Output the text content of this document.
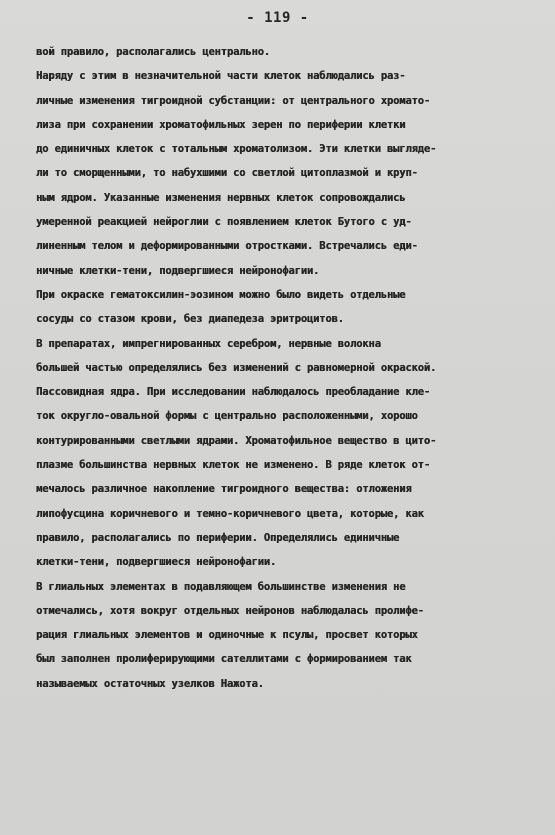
- 119 -
вой правило, располагались центрально.
Наряду с этим в незначительной части клеток наблюдались раз-
личные изменения тигроидной субстанции: от центрального хромато-
лиза при сохранении хроматофильных зерен по периферии клетки
до единичных клеток с тотальным хроматолизом. Эти клетки выгляде-
ли то сморщенными, то набухшими со светлой цитоплазмой и круп-
ным ядром. Указанные изменения нервных клеток сопровождались
умеренной реакцией нейроглии с появлением клеток Бутого с уд-
линенным телом и деформированными отростками. Встречались еди-
ничные клетки-тени, подвергшиеся нейронофагии.
При окраске гематоксилин-эозином можно было видеть отдельные
сосуды со стазом крови, без диапедеза эритроцитов.
В препаратах, импрегнированных серебром, нервные волокна
большей частью определялись без изменений с равномерной окраской.
Пассовидная ядра. При исследовании наблюдалось преобладание кле-
ток округло-овальной формы с центрально расположенными, хорошо
контурированными светлыми ядрами. Хроматофильное вещество в цито-
плазме большинства нервных клеток не изменено. В ряде клеток от-
мечалось различное накопление тигроидного вещества: отложения
липофусцина коричневого и темно-коричневого цвета, которые, как
правило, располагались по периферии. Определялись единичные
клетки-тени, подвергшиеся нейронофагии.
В глиальных элементах в подавляющем большинстве изменения не
отмечались, хотя вокруг отдельных нейронов наблюдалась пролифе-
рация глиальных элементов и одиночные к псулы, просвет которых
был заполнен пролиферирующими сателлитами с формированием так
называемых остаточных узелков Нажота.
